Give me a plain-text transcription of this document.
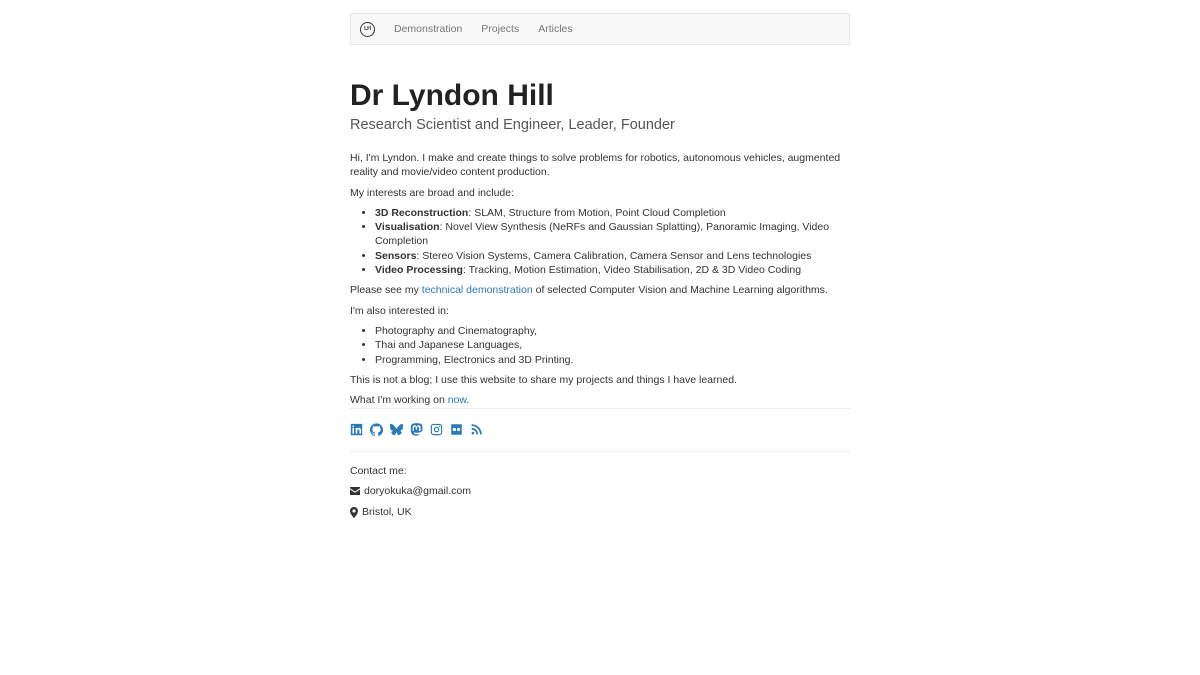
LH Demonstration Projects Articles
Dr Lyndon Hill

Research Scientist and Engineer, Leader, Founder

Hi, I'm Lyndon. I make and create things to solve problems for robotics, autonomous vehicles, augmented reality and movie/video content production.

My interests are broad and include:

• 3D Reconstruction: SLAM, Structure from Motion, Point Cloud Completion
• Visualisation: Novel View Synthesis (NeRFs and Gaussian Splatting), Panoramic Imaging, Video Completion
• Sensors: Stereo Vision Systems, Camera Calibration, Camera Sensor and Lens technologies
• Video Processing: Tracking, Motion Estimation, Video Stabilisation, 2D & 3D Video Coding

Please see my technical demonstration of selected Computer Vision and Machine Learning algorithms.

I'm also interested in:

• Photography and Cinematography,
• Thai and Japanese Languages,
• Programming, Electronics and 3D Printing.

This is not a blog; I use this website to share my projects and things I have learned.

What I'm working on now.

Contact me:
doryokuka@gmail.com
Bristol, UK
